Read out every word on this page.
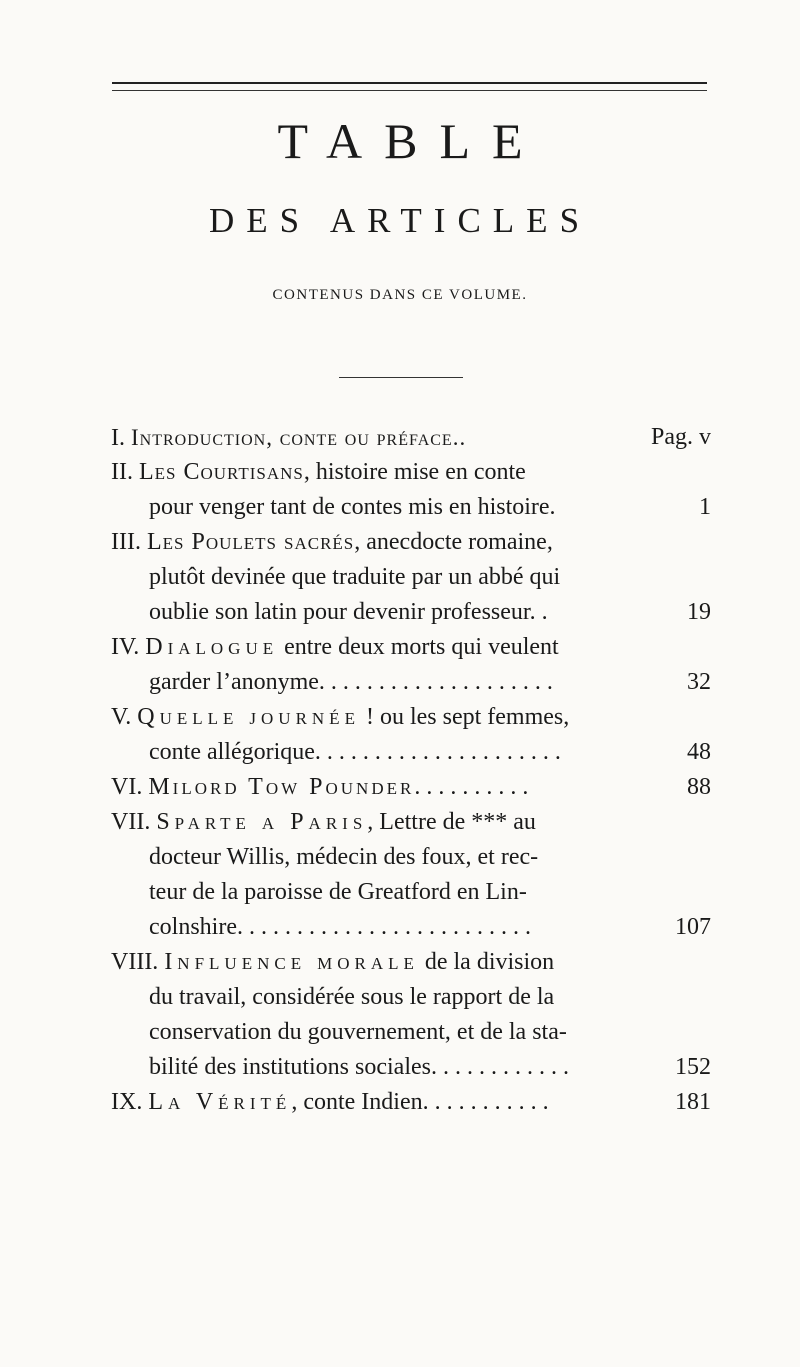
TABLE
DES ARTICLES
CONTENUS DANS CE VOLUME.
I. Introduction, conte ou préface..	Pag. v
II. Les Courtisans, histoire mise en conte
pour venger tant de contes mis en histoire.	1
III. Les Poulets sacrés, anecdocte romaine,
plutôt devinée que traduite par un abbé qui
oublie son latin pour devenir professeur. .	19
IV. Dialogue entre deux morts qui veulent
garder l’anonyme. . . . . . . . . . . . . . . . . . . .	32
V. Quelle journée ! ou les sept femmes,
conte allégorique. . . . . . . . . . . . . . . . . . . . .	48
VI. Milord Tow Pounder. . . . . . . . . .	88
VII. Sparte a Paris, Lettre de *** au
docteur Willis, médecin des foux, et rec-
teur de la paroisse de Greatford en Lin-
colnshire. . . . . . . . . . . . . . . . . . . . . . . . .	107
VIII. Influence morale de la division
du travail, considérée sous le rapport de la
conservation du gouvernement, et de la sta-
bilité des institutions sociales. . . . . . . . . . . .	152
IX. La Vérité, conte Indien. . . . . . . . . . .	181
